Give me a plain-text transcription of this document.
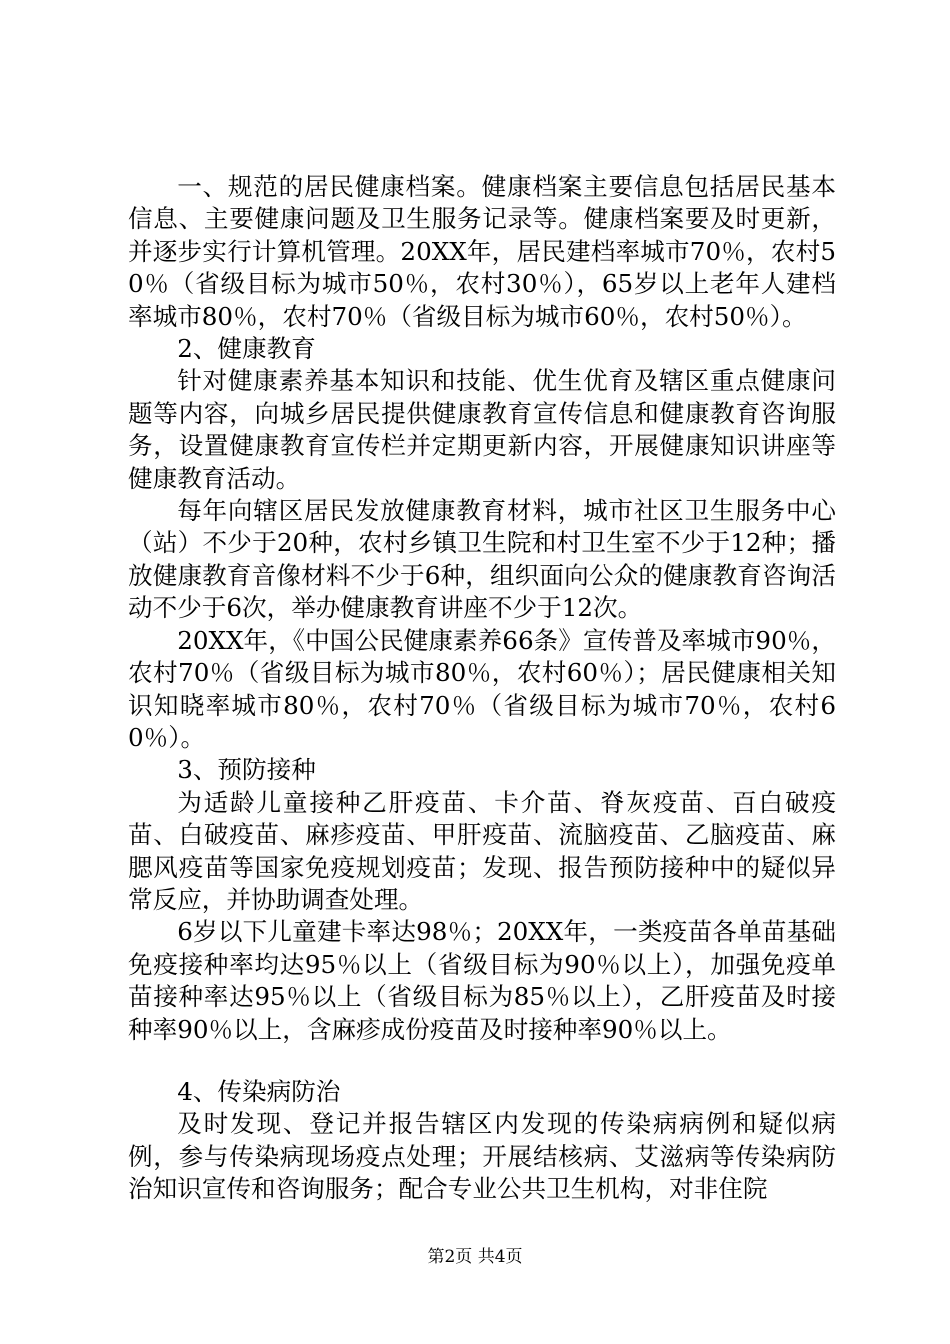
一、规范的居民健康档案。健康档案主要信息包括居民基本信息、主要健康问题及卫生服务记录等。健康档案要及时更新，并逐步实行计算机管理。20XX年，居民建档率城市70％，农村50％（省级目标为城市50％，农村30％），65岁以上老年人建档率城市80％，农村70％（省级目标为城市60％，农村50％）。

2、健康教育

针对健康素养基本知识和技能、优生优育及辖区重点健康问题等内容，向城乡居民提供健康教育宣传信息和健康教育咨询服务，设置健康教育宣传栏并定期更新内容，开展健康知识讲座等健康教育活动。

每年向辖区居民发放健康教育材料，城市社区卫生服务中心（站）不少于20种，农村乡镇卫生院和村卫生室不少于12种；播放健康教育音像材料不少于6种，组织面向公众的健康教育咨询活动不少于6次，举办健康教育讲座不少于12次。

20XX年，《中国公民健康素养66条》宣传普及率城市90％，农村70％（省级目标为城市80％，农村60％）；居民健康相关知识知晓率城市80％，农村70％（省级目标为城市70％，农村60％）。

3、预防接种

为适龄儿童接种乙肝疫苗、卡介苗、脊灰疫苗、百白破疫苗、白破疫苗、麻疹疫苗、甲肝疫苗、流脑疫苗、乙脑疫苗、麻腮风疫苗等国家免疫规划疫苗；发现、报告预防接种中的疑似异常反应，并协助调查处理。

6岁以下儿童建卡率达98％；20XX年，一类疫苗各单苗基础免疫接种率均达95％以上（省级目标为90％以上），加强免疫单苗接种率达95％以上（省级目标为85％以上），乙肝疫苗及时接种率90％以上，含麻疹成份疫苗及时接种率90％以上。

4、传染病防治

及时发现、登记并报告辖区内发现的传染病病例和疑似病例，参与传染病现场疫点处理；开展结核病、艾滋病等传染病防治知识宣传和咨询服务；配合专业公共卫生机构，对非住院

第2页 共4页
